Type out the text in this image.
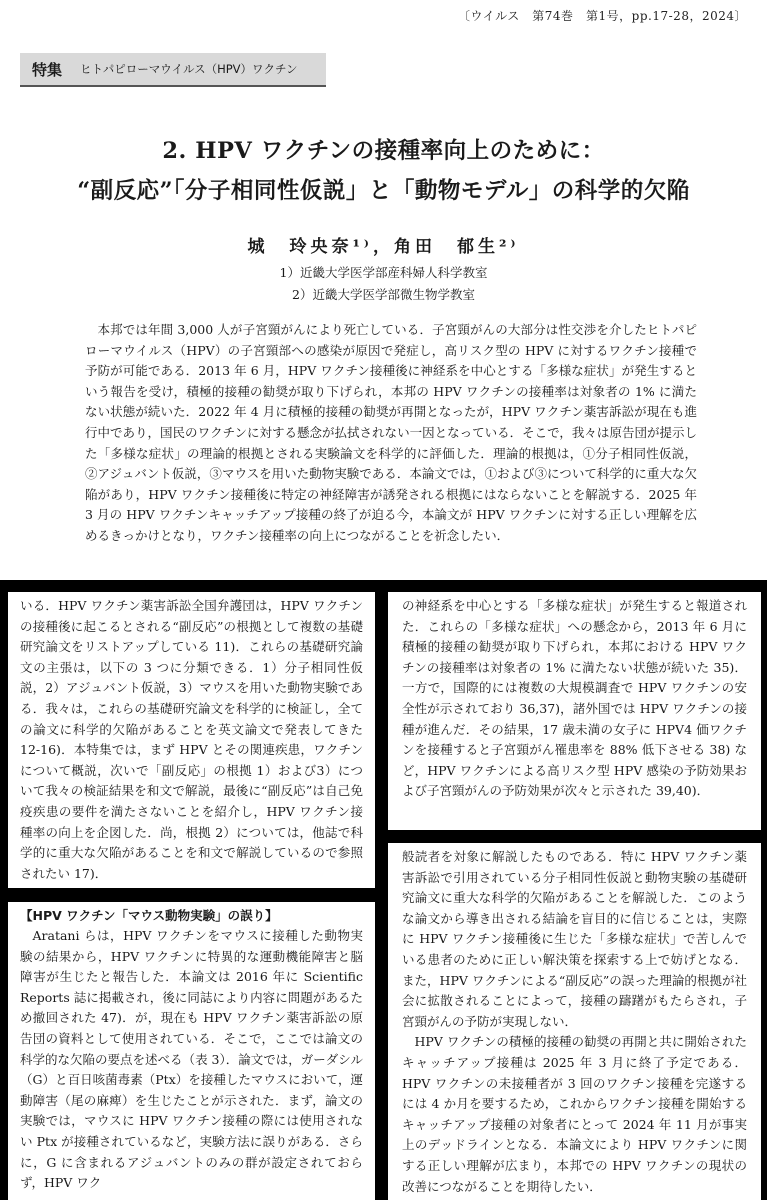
〔ウイルス　第74巻　第1号，pp.17-28，2024〕
特集 ヒトパピローマウイルス（HPV）ワクチン
2. HPV ワクチンの接種率向上のために：
“副反応”「分子相同性仮説」と「動物モデル」の科学的欠陥
城　玲央奈¹⁾，角田　郁生²⁾
1）近畿大学医学部産科婦人科学教室
2）近畿大学医学部微生物学教室

本邦では年間 3,000 人が子宮頸がんにより死亡している．子宮頸がんの大部分は性交渉を介したヒトパピローマウイルス（HPV）の子宮頸部への感染が原因で発症し，高リスク型の HPV に対するワクチン接種で予防が可能である．2013 年 6 月，HPV ワクチン接種後に神経系を中心とする「多様な症状」が発生するという報告を受け，積極的接種の勧奨が取り下げられ，本邦の HPV ワクチンの接種率は対象者の 1% に満たない状態が続いた．2022 年 4 月に積極的接種の勧奨が再開となったが，HPV ワクチン薬害訴訟が現在も進行中であり，国民のワクチンに対する懸念が払拭されない一因となっている．そこで，我々は原告団が提示した「多様な症状」の理論的根拠とされる実験論文を科学的に評価した．理論的根拠は，①分子相同性仮説，②アジュバント仮説，③マウスを用いた動物実験である．本論文では，①および③について科学的に重大な欠陥があり，HPV ワクチン接種後に特定の神経障害が誘発される根拠にはならないことを解説する．2025 年 3 月の HPV ワクチンキャッチアップ接種の終了が迫る今，本論文が HPV ワクチンに対する正しい理解を広めるきっかけとなり，ワクチン接種率の向上につながることを祈念したい．

いる．HPV ワクチン薬害訴訟全国弁護団は，HPV ワクチンの接種後に起こるとされる“副反応”の根拠として複数の基礎研究論文をリストアップしている 11)．これらの基礎研究論文の主張は，以下の 3 つに分類できる．1）分子相同性仮説，2）アジュバント仮説，3）マウスを用いた動物実験である．我々は，これらの基礎研究論文を科学的に検証し，全ての論文に科学的欠陥があることを英文論文で発表してきた 12-16)．本特集では，まず HPV とその関連疾患，ワクチンについて概説，次いで「副反応」の根拠 1）および3）について我々の検証結果を和文で解説，最後に“副反応”は自己免疫疾患の要件を満たさないことを紹介し，HPV ワクチン接種率の向上を企図した．尚，根拠 2）については，他誌で科学的に重大な欠陥があることを和文で解説しているので参照されたい 17)．

の神経系を中心とする「多様な症状」が発生すると報道された．これらの「多様な症状」への懸念から，2013 年 6 月に積極的接種の勧奨が取り下げられ，本邦における HPV ワクチンの接種率は対象者の 1% に満たない状態が続いた 35)．一方で，国際的には複数の大規模調査で HPV ワクチンの安全性が示されており 36,37)，諸外国では HPV ワクチンの接種が進んだ．その結果，17 歳未満の女子に HPV4 価ワクチンを接種すると子宮頸がん罹患率を 88% 低下させる 38) など，HPV ワクチンによる高リスク型 HPV 感染の予防効果および子宮頸がんの予防効果が次々と示された 39,40)．

【HPV ワクチン「マウス動物実験」の誤り】

Aratani らは，HPV ワクチンをマウスに接種した動物実験の結果から，HPV ワクチンに特異的な運動機能障害と脳障害が生じたと報告した．本論文は 2016 年に Scientific Reports 誌に掲載され，後に同誌により内容に問題があるため撤回された 47)．が，現在も HPV ワクチン薬害訴訟の原告団の資料として使用されている．そこで，ここでは論文の科学的な欠陥の要点を述べる（表 3）．論文では，ガーダシル（G）と百日咳菌毒素（Ptx）を接種したマウスにおいて，運動障害（尾の麻痺）を生じたことが示された．まず，論文の実験では，マウスに HPV ワクチン接種の際には使用されない Ptx が接種されているなど，実験方法に誤りがある．さらに，G に含まれるアジュバントのみの群が設定されておらず，HPV ワク

般読者を対象に解説したものである．特に HPV ワクチン薬害訴訟で引用されている分子相同性仮説と動物実験の基礎研究論文に重大な科学的欠陥があることを解説した．このような論文から導き出される結論を盲目的に信じることは，実際に HPV ワクチン接種後に生じた「多様な症状」で苦しんでいる患者のために正しい解決策を探索する上で妨げとなる．また，HPV ワクチンによる“副反応”の誤った理論的根拠が社会に拡散されることによって，接種の躊躇がもたらされ，子宮頸がんの予防が実現しない．

HPV ワクチンの積極的接種の勧奨の再開と共に開始されたキャッチアップ接種は 2025 年 3 月に終了予定である．HPV ワクチンの未接種者が 3 回のワクチン接種を完遂するには 4 か月を要するため，これからワクチン接種を開始するキャッチアップ接種の対象者にとって 2024 年 11 月が事実上のデッドラインとなる．本論文により HPV ワクチンに関する正しい理解が広まり，本邦での HPV ワクチンの現状の改善につながることを期待したい．
